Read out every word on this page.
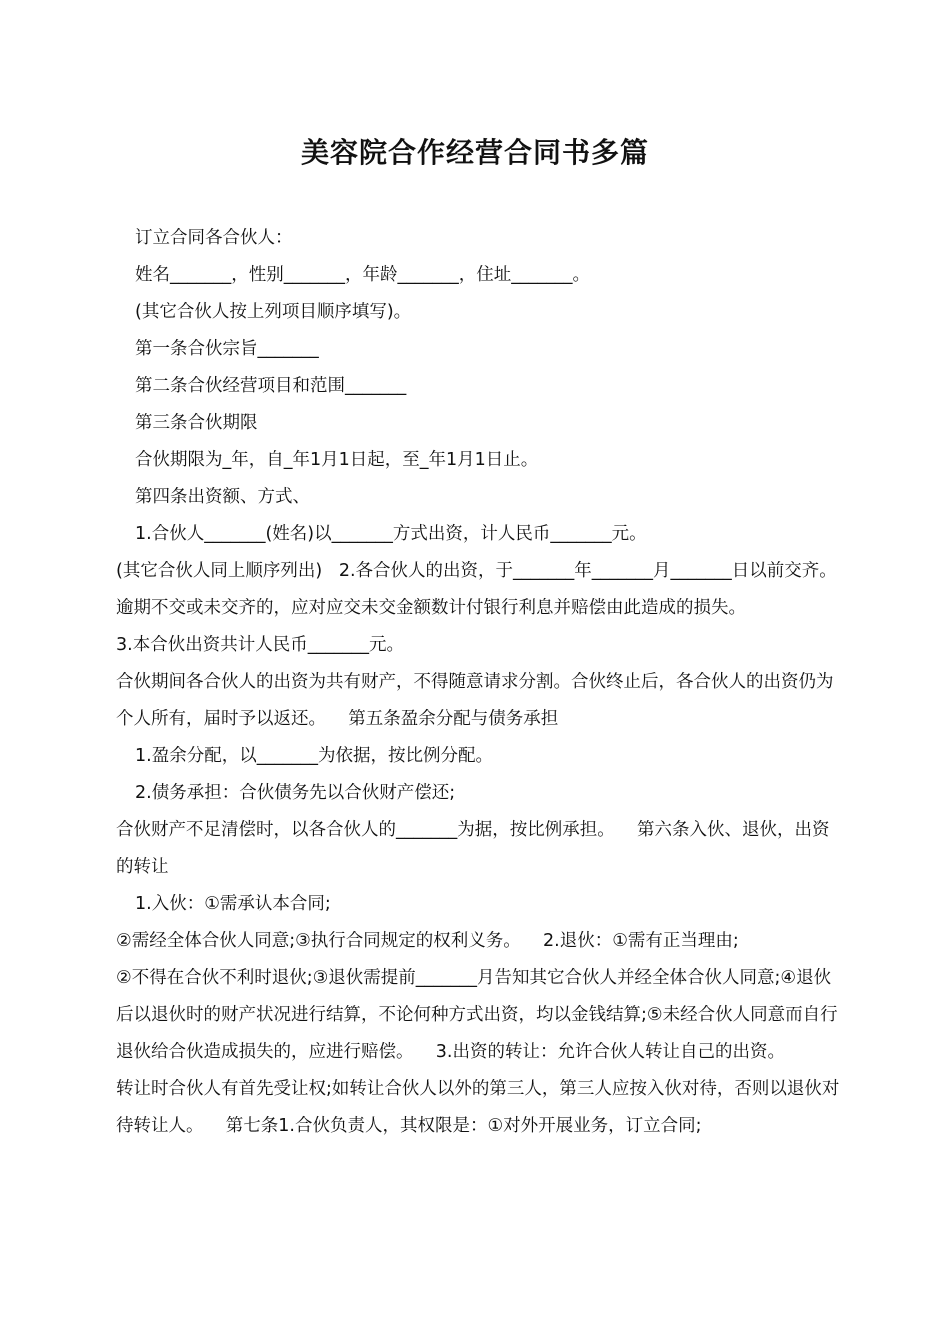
美容院合作经营合同书多篇

订立合同各合伙人：

姓名_______，性别_______，年龄_______，住址_______。

(其它合伙人按上列项目顺序填写)。

第一条合伙宗旨_______

第二条合伙经营项目和范围_______

第三条合伙期限

合伙期限为_年，自_年1月1日起，至_年1月1日止。

第四条出资额、方式、

1.合伙人_______(姓名)以_______方式出资，计人民币_______元。

(其它合伙人同上顺序列出)   2.各合伙人的出资，于_______年_______月_______日以前交齐。

逾期不交或未交齐的，应对应交未交金额数计付银行利息并赔偿由此造成的损失。

3.本合伙出资共计人民币_______元。

合伙期间各合伙人的出资为共有财产，不得随意请求分割。合伙终止后，各合伙人的出资仍为个人所有，届时予以返还。    第五条盈余分配与债务承担

1.盈余分配，以_______为依据，按比例分配。

2.债务承担：合伙债务先以合伙财产偿还;

合伙财产不足清偿时，以各合伙人的_______为据，按比例承担。    第六条入伙、退伙，出资的转让

1.入伙：①需承认本合同;

②需经全体合伙人同意;③执行合同规定的权利义务。    2.退伙：①需有正当理由;

②不得在合伙不利时退伙;③退伙需提前_______月告知其它合伙人并经全体合伙人同意;④退伙后以退伙时的财产状况进行结算，不论何种方式出资，均以金钱结算;⑤未经合伙人同意而自行退伙给合伙造成损失的，应进行赔偿。    3.出资的转让：允许合伙人转让自己的出资。

转让时合伙人有首先受让权;如转让合伙人以外的第三人，第三人应按入伙对待，否则以退伙对待转让人。    第七条1.合伙负责人，其权限是：①对外开展业务，订立合同;
